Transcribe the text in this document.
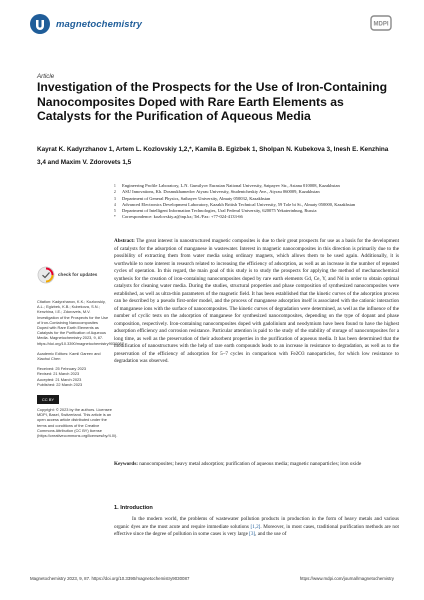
magnetochemistry	MDPI
Article
Investigation of the Prospects for the Use of Iron-Containing Nanocomposites Doped with Rare Earth Elements as Catalysts for the Purification of Aqueous Media
Kayrat K. Kadyrzhanov 1, Artem L. Kozlovskiy 1,2,*, Kamila B. Egizbek 1, Sholpan N. Kubekova 3, Inesh E. Kenzhina 3,4 and Maxim V. Zdorovets 1,5
1	Engineering Profile Laboratory, L.N. Gumilyov Eurasian National University, Satpayev Str., Astana 010008, Kazakhstan
2	ASU Innovations, Kh. Dosmukhamedov Atyrau University, Studentcheskiy Ave., Atyrau 060009, Kazakhstan
3	Department of General Physics, Satbayev University, Almaty 050032, Kazakhstan
4	Advanced Electronics Development Laboratory, Kazakh British Technical University, 59 Tole bi St., Almaty 050000, Kazakhstan
5	Department of Intelligent Information Technologies, Ural Federal University, 620075 Yekaterinburg, Russia
*	Correspondence: kozlovskiy.a@inp.kz; Tel./Fax: +77-024-4133-66
check for updates
Citation: Kadyrzhanov, K.K.; Kozlovskiy, A.L.; Egizbek, K.B.; Kubekova, S.N.; Kenzhina, I.E.; Zdorovets, M.V. Investigation of the Prospects for the Use of Iron-Containing Nanocomposites Doped with Rare Earth Elements as Catalysts for the Purification of Aqueous Media. Magnetochemistry 2023, 9, 87. https://doi.org/10.3390/magnetochemistry9030087
Academic Editors: Kamil Gareev and Xiaohui Chen
Received: 25 February 2023
Revised: 21 March 2023
Accepted: 21 March 2023
Published: 22 March 2023
CC BY
Copyright: © 2023 by the authors. Licensee MDPI, Basel, Switzerland. This article is an open access article distributed under the terms and conditions of the Creative Commons Attribution (CC BY) license (https://creativecommons.org/licenses/by/4.0/).
Abstract: The great interest in nanostructured magnetic composites is due to their great prospects for use as a basis for the development of catalysts for the adsorption of manganese in wastewater. Interest in magnetic nanocomposites in this direction is primarily due to the possibility of extracting them from water media using ordinary magnets, which allows them to be used again. Additionally, it is worthwhile to note interest in research related to increasing the efficiency of adsorption, as well as an increase in the number of repeated cycles of operation. In this regard, the main goal of this study is to study the prospects for applying the method of mechanochemical synthesis for the creation of iron-containing nanocomposites doped by rare earth elements Gd, Ce, Y, and Nd in order to obtain optimal catalysts for cleaning water media. During the studies, structural properties and phase composition of synthesized nanocomposites were established, as well as ultra-thin parameters of the magnetic field. It has been established that the kinetic curves of the adsorption process can be described by a pseudo first-order model, and the process of manganese adsorption itself is associated with the cationic interaction of manganese ions with the surface of nanocomposites. The kinetic curves of degradation were determined, as well as the influence of the number of cyclic tests on the adsorption of manganese for synthesized nanocomposites, depending on the type of dopant and phase composition, respectively. Iron-containing nanocomposites doped with gadolinium and neodymium have been found to have the highest adsorption efficiency and corrosion resistance. Particular attention is paid to the study of the stability of storage of nanocomposites for a long time, as well as the preservation of their adsorbent properties in the purification of aqueous media. It has been determined that the modification of nanostructures with the help of rare earth compounds leads to an increase in resistance to degradation, as well as to the preservation of the efficiency of adsorption for 5–7 cycles in comparison with Fe2O3 nanoparticles, for which low resistance to degradation was observed.
Keywords: nanocomposites; heavy metal adsorption; purification of aqueous media; magnetic nanoparticles; iron oxide
1. Introduction
In the modern world, the problems of wastewater pollution products in production in the form of heavy metals and various organic dyes are the most acute and require immediate solutions [1,2]. Moreover, in most cases, traditional purification methods are not effective since the degree of pollution in some cases is very large [3], and the use of
Magnetochemistry 2023, 9, 87. https://doi.org/10.3390/magnetochemistry9030087	https://www.mdpi.com/journal/magnetochemistry
